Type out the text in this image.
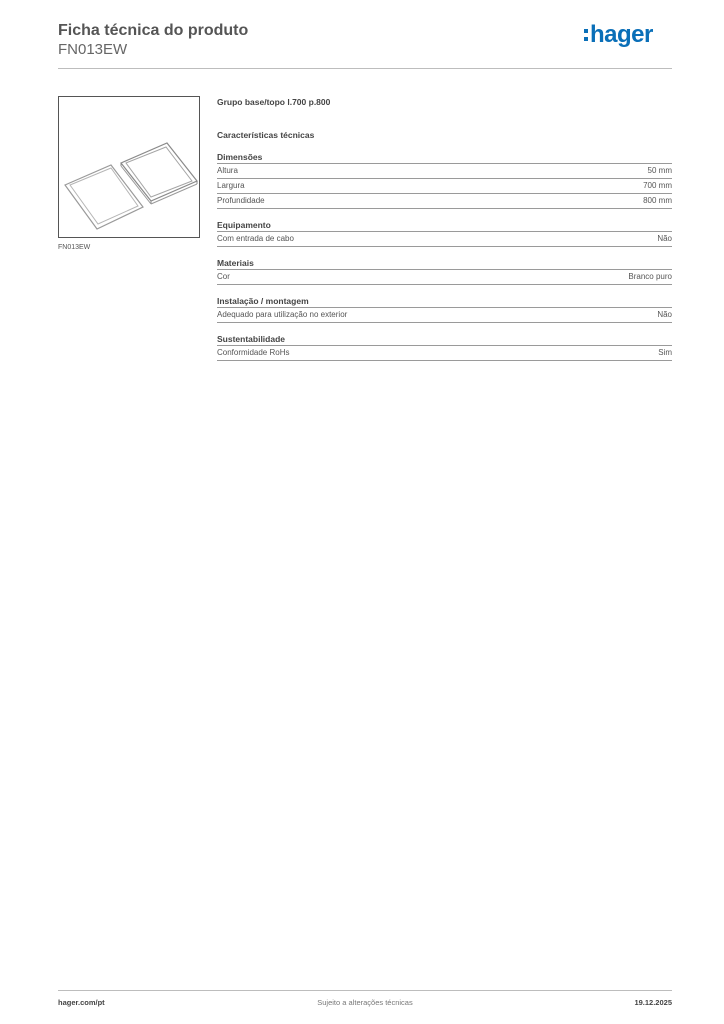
Ficha técnica do produto
FN013EW
hager
FN013EW
Grupo base/topo l.700 p.800
Características técnicas
Dimensões
Altura	50 mm
Largura	700 mm
Profundidade	800 mm
Equipamento
Com entrada de cabo	Não
Materiais
Cor	Branco puro
Instalação / montagem
Adequado para utilização no exterior	Não
Sustentabilidade
Conformidade RoHs	Sim
hager.com/pt	Sujeito a alterações técnicas	19.12.2025
